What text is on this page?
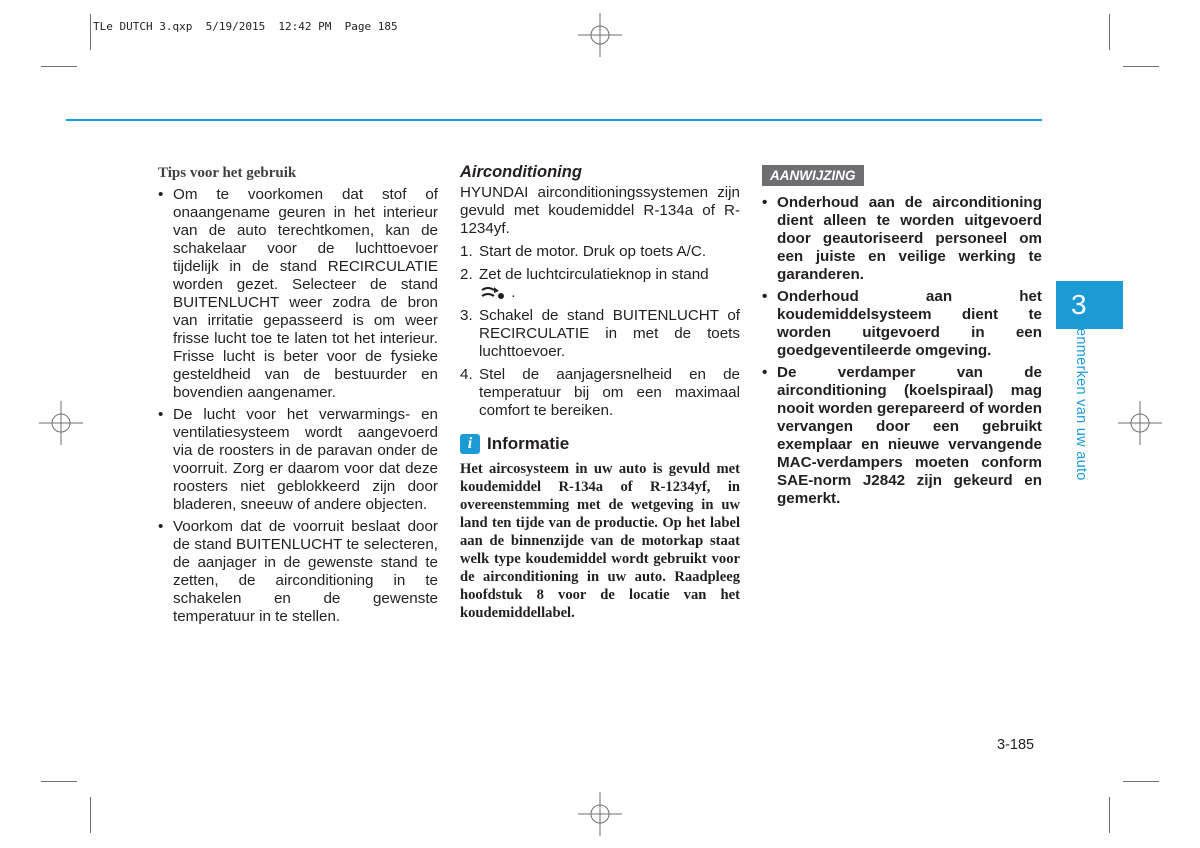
TLe DUTCH 3.qxp  5/19/2015  12:42 PM  Page 185
Tips voor het gebruik
• Om te voorkomen dat stof of onaangename geuren in het interieur van de auto terechtkomen, kan de schakelaar voor de luchttoevoer tijdelijk in de stand RECIRCULATIE worden gezet. Selecteer de stand BUITENLUCHT weer zodra de bron van irritatie gepasseerd is om weer frisse lucht toe te laten tot het interieur. Frisse lucht is beter voor de fysieke gesteldheid van de bestuurder en bovendien aangenamer.
• De lucht voor het verwarmings- en ventilatiesysteem wordt aangevoerd via de roosters in de paravan onder de voorruit. Zorg er daarom voor dat deze roosters niet geblokkeerd zijn door bladeren, sneeuw of andere objecten.
• Voorkom dat de voorruit beslaat door de stand BUITENLUCHT te selecteren, de aanjager in de gewenste stand te zetten, de airconditioning in te schakelen en de gewenste temperatuur in te stellen.
Airconditioning

HYUNDAI airconditioningssystemen zijn gevuld met koudemiddel R-134a of R-1234yf.

1. Start de motor. Druk op toets A/C.
2. Zet de luchtcirculatieknop in stand
.
3. Schakel de stand BUITENLUCHT of RECIRCULATIE in met de toets luchttoevoer.
4. Stel de aanjagersnelheid en de temperatuur bij om een maximaal comfort te bereiken.
i Informatie

Het aircosysteem in uw auto is gevuld met koudemiddel R-134a of R-1234yf, in overeenstemming met de wetgeving in uw land ten tijde van de productie. Op het label aan de binnenzijde van de motorkap staat welk type koudemiddel wordt gebruikt voor de airconditioning in uw auto. Raadpleeg hoofdstuk 8 voor de locatie van het koudemiddellabel.

AANWIJZING
• Onderhoud aan de airconditioning dient alleen te worden uitgevoerd door geautoriseerd personeel om een juiste en veilige werking te garanderen.
• Onderhoud aan het koudemiddelsysteem dient te worden uitgevoerd in een goedgeventileerde omgeving.
• De verdamper van de airconditioning (koelspiraal) mag nooit worden gerepareerd of worden vervangen door een gebruikt exemplaar en nieuwe vervangende MAC-verdampers moeten conform SAE-norm J2842 zijn gekeurd en gemerkt.
3
Kenmerken van uw auto
3-185
